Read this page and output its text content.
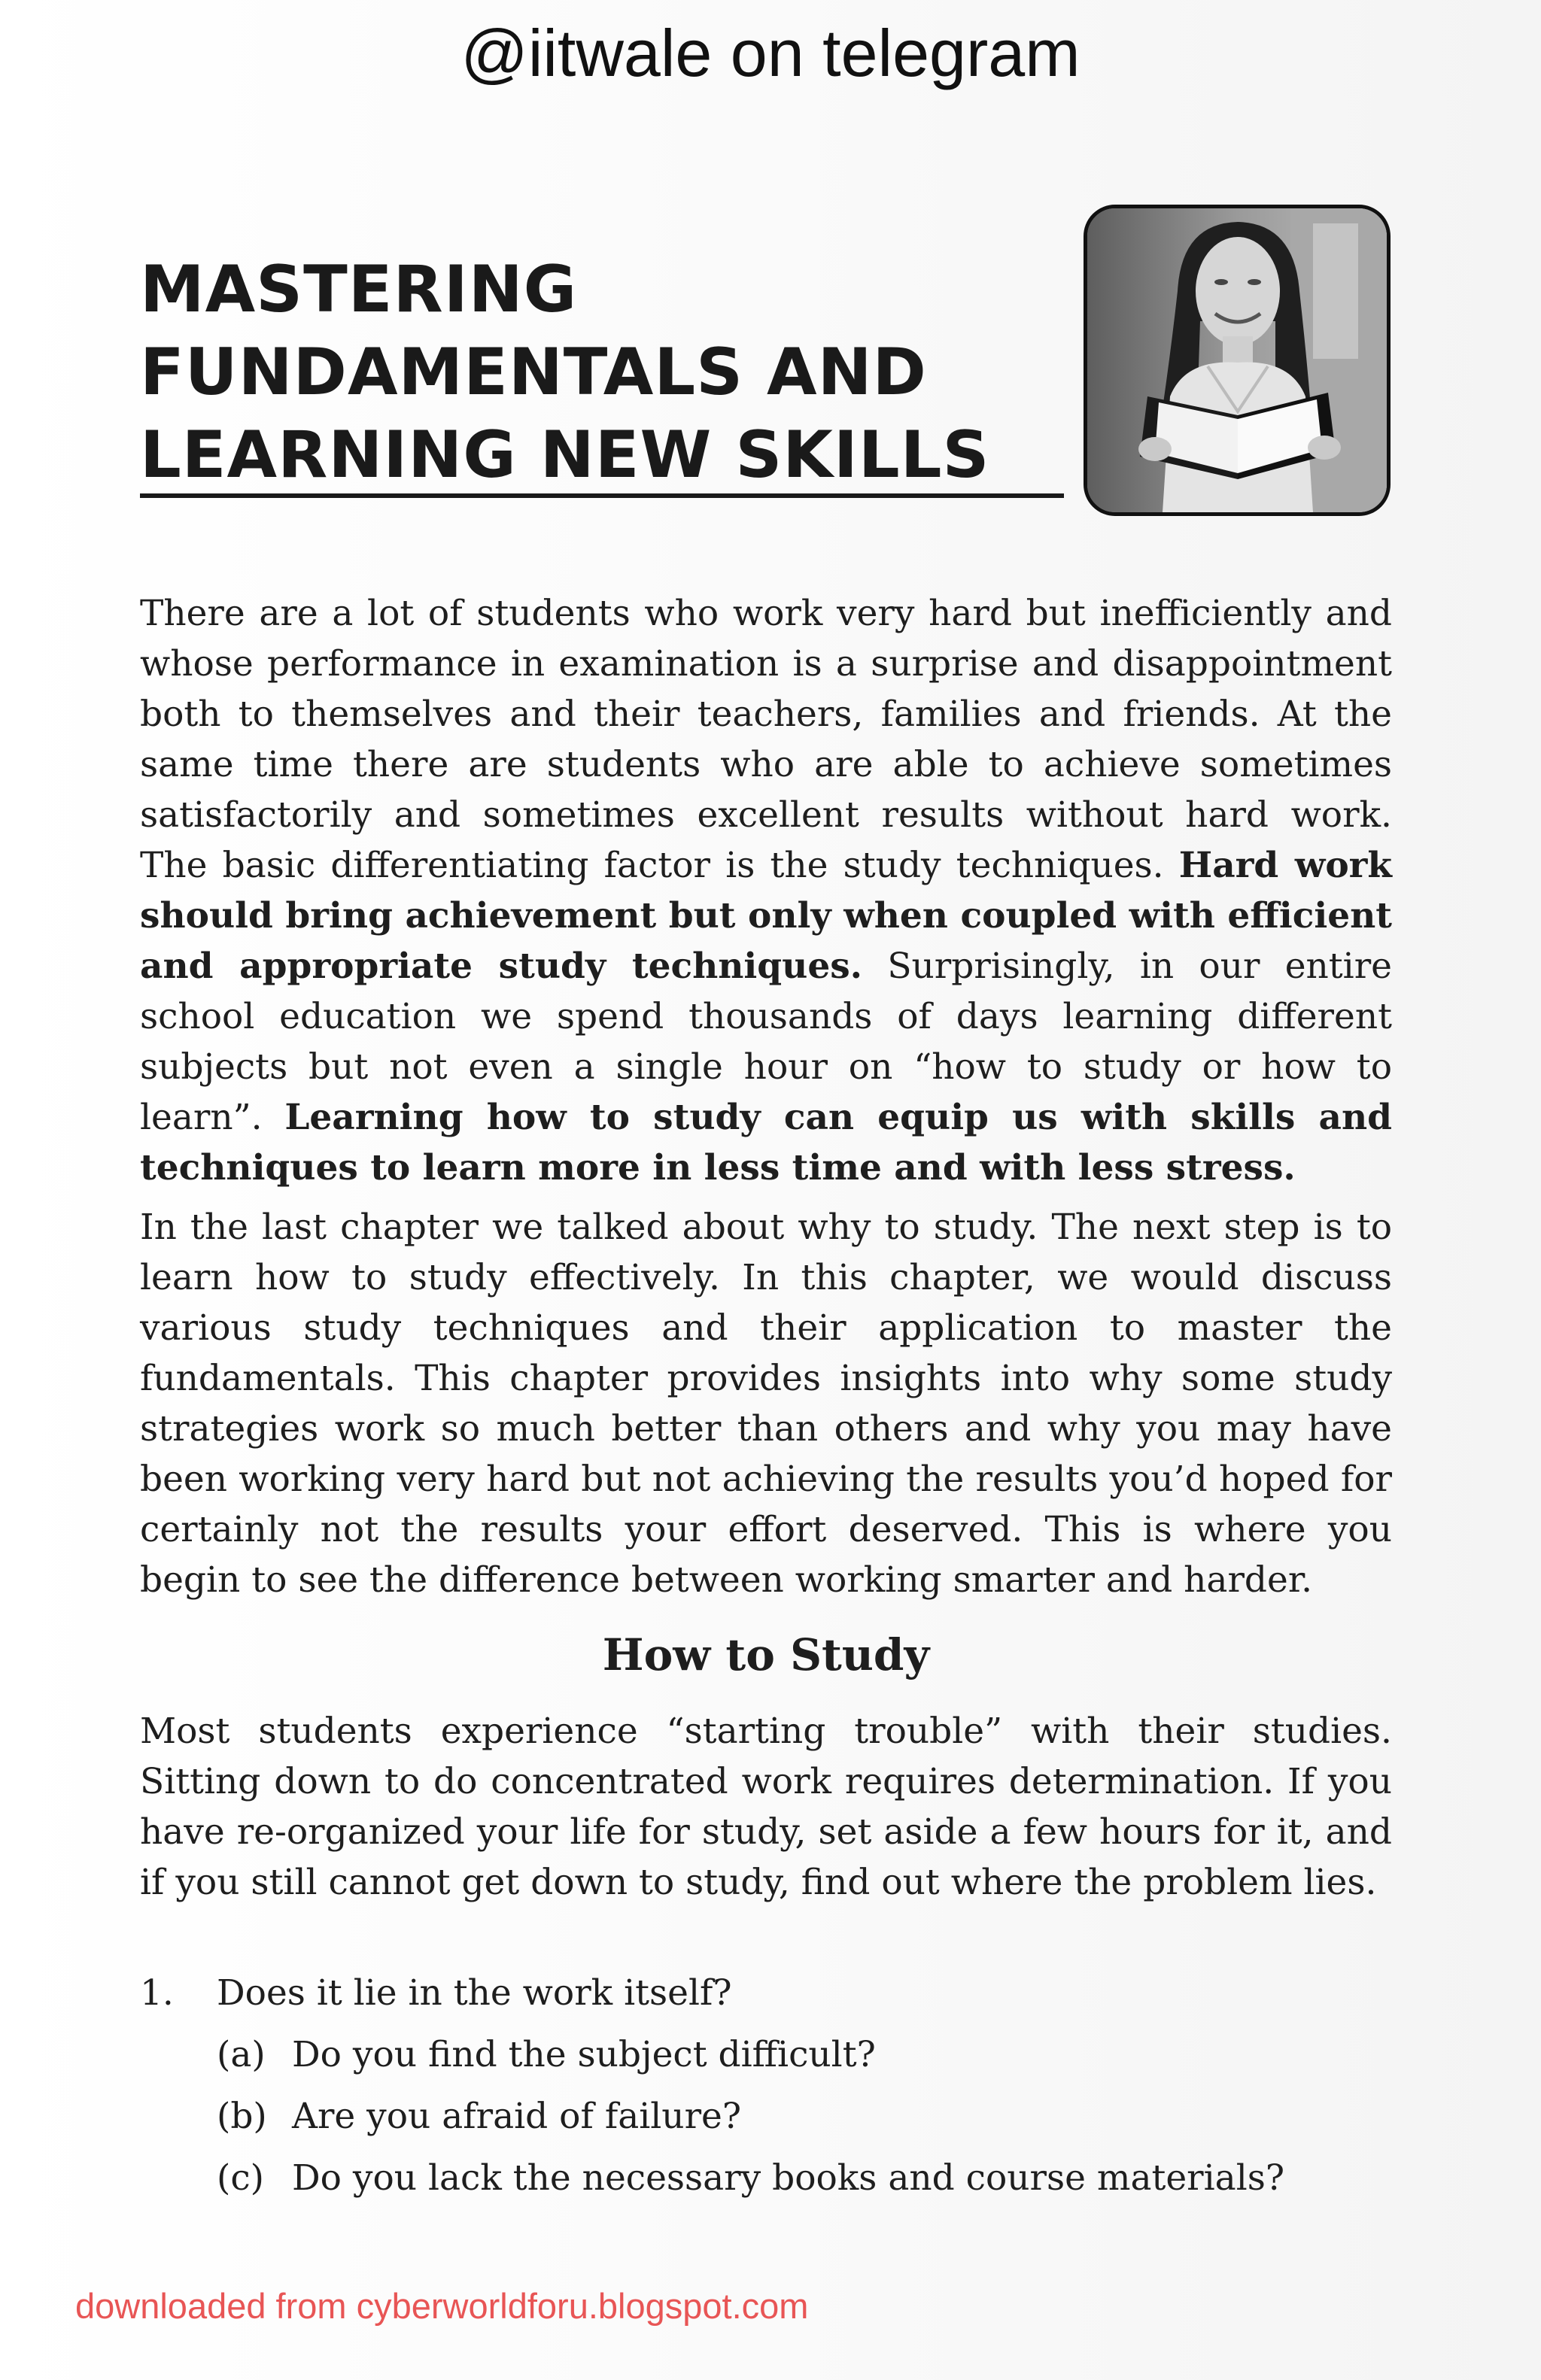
@iitwale on telegram
MASTERING
FUNDAMENTALS AND
LEARNING NEW SKILLS

There are a lot of students who work very hard but inefficiently and whose performance in examination is a surprise and disappointment both to themselves and their teachers, families and friends. At the same time there are students who are able to achieve sometimes satisfactorily and sometimes excellent results without hard work. The basic differentiating factor is the study techniques. Hard work should bring achievement but only when coupled with efficient and appropriate study techniques. Surprisingly, in our entire school education we spend thousands of days learning different subjects but not even a single hour on “how to study or how to learn”. Learning how to study can equip us with skills and techniques to learn more in less time and with less stress.

In the last chapter we talked about why to study. The next step is to learn how to study effectively. In this chapter, we would discuss various study techniques and their application to master the fundamentals. This chapter provides insights into why some study strategies work so much better than others and why you may have been working very hard but not achieving the results you’d hoped for certainly not the results your effort deserved. This is where you begin to see the difference between working smarter and harder.

How to Study

Most students experience “starting trouble” with their studies. Sitting down to do concentrated work requires determination. If you have re-organized your life for study, set aside a few hours for it, and if you still cannot get down to study, find out where the problem lies.

1. Does it lie in the work itself?
(a) Do you find the subject difficult?
(b) Are you afraid of failure?
(c) Do you lack the necessary books and course materials?
downloaded from cyberworldforu.blogspot.com
